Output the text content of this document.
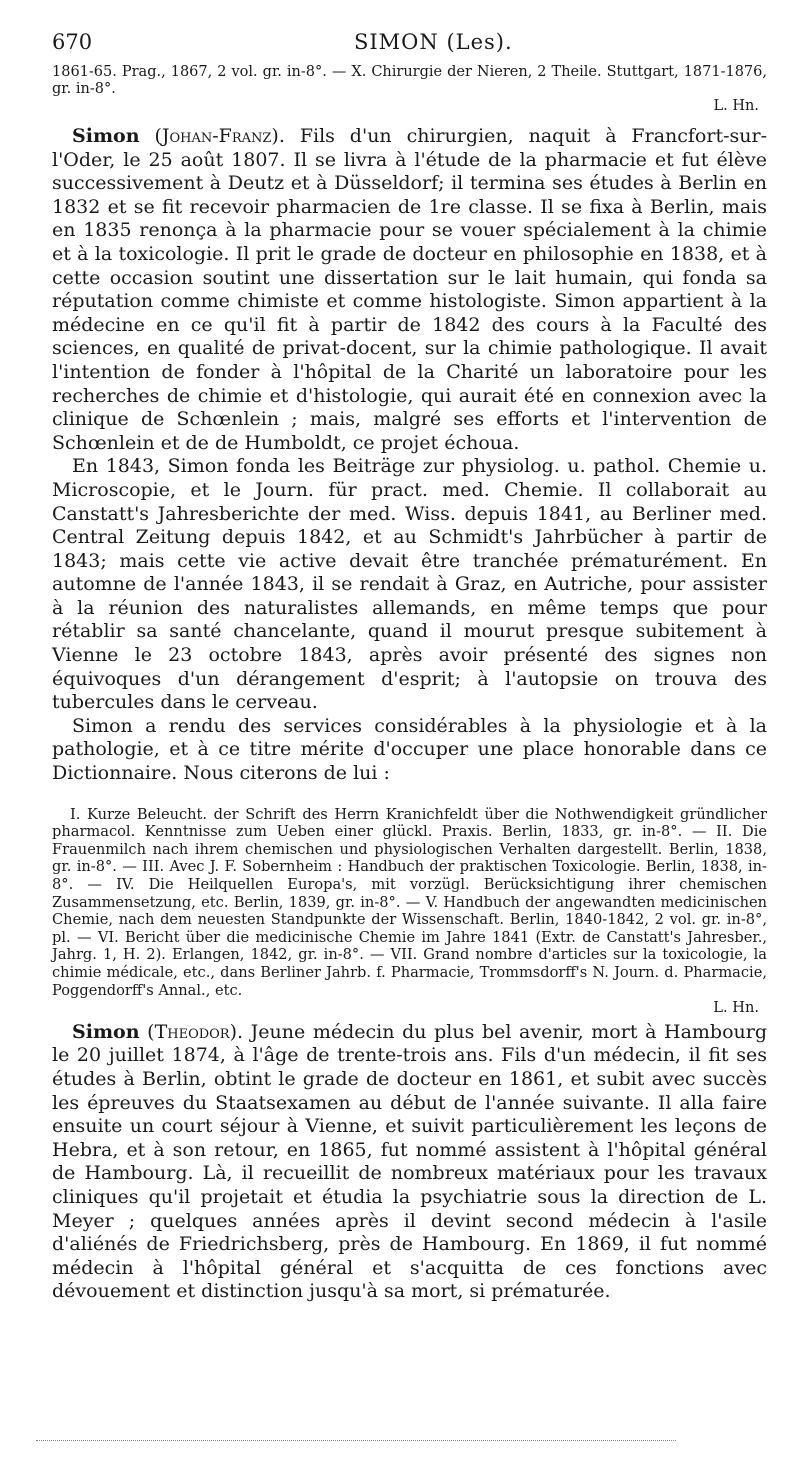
670	SIMON (Les).

1861-65. Prag., 1867, 2 vol. gr. in-8°. — X. Chirurgie der Nieren, 2 Theile. Stuttgart, 1871-1876, gr. in-8°.

L. Hn.

Simon (Johan-Franz). Fils d'un chirurgien, naquit à Francfort-sur-l'Oder, le 25 août 1807. Il se livra à l'étude de la pharmacie et fut élève successivement à Deutz et à Düsseldorf; il termina ses études à Berlin en 1832 et se fit recevoir pharmacien de 1re classe. Il se fixa à Berlin, mais en 1835 renonça à la pharmacie pour se vouer spécialement à la chimie et à la toxicologie. Il prit le grade de docteur en philosophie en 1838, et à cette occasion soutint une dissertation sur le lait humain, qui fonda sa réputation comme chimiste et comme histologiste. Simon appartient à la médecine en ce qu'il fit à partir de 1842 des cours à la Faculté des sciences, en qualité de privat-docent, sur la chimie pathologique. Il avait l'intention de fonder à l'hôpital de la Charité un laboratoire pour les recherches de chimie et d'histologie, qui aurait été en connexion avec la clinique de Schœnlein ; mais, malgré ses efforts et l'intervention de Schœnlein et de de Humboldt, ce projet échoua.

En 1843, Simon fonda les Beiträge zur physiolog. u. pathol. Chemie u. Microscopie, et le Journ. für pract. med. Chemie. Il collaborait au Canstatt's Jahresberichte der med. Wiss. depuis 1841, au Berliner med. Central Zeitung depuis 1842, et au Schmidt's Jahrbücher à partir de 1843; mais cette vie active devait être tranchée prématurément. En automne de l'année 1843, il se rendait à Graz, en Autriche, pour assister à la réunion des naturalistes allemands, en même temps que pour rétablir sa santé chancelante, quand il mourut presque subitement à Vienne le 23 octobre 1843, après avoir présenté des signes non équivoques d'un dérangement d'esprit; à l'autopsie on trouva des tubercules dans le cerveau.

Simon a rendu des services considérables à la physiologie et à la pathologie, et à ce titre mérite d'occuper une place honorable dans ce Dictionnaire. Nous citerons de lui :

I. Kurze Beleucht. der Schrift des Herrn Kranichfeldt über die Nothwendigkeit gründlicher pharmacol. Kenntnisse zum Ueben einer glückl. Praxis. Berlin, 1833, gr. in-8°. — II. Die Frauenmilch nach ihrem chemischen und physiologischen Verhalten dargestellt. Berlin, 1838, gr. in-8°. — III. Avec J. F. Sobernheim : Handbuch der praktischen Toxicologie. Berlin, 1838, in-8°. — IV. Die Heilquellen Europa's, mit vorzügl. Berücksichtigung ihrer chemischen Zusammensetzung, etc. Berlin, 1839, gr. in-8°. — V. Handbuch der angewandten medicinischen Chemie, nach dem neuesten Standpunkte der Wissenschaft. Berlin, 1840-1842, 2 vol. gr. in-8°, pl. — VI. Bericht über die medicinische Chemie im Jahre 1841 (Extr. de Canstatt's Jahresber., Jahrg. 1, H. 2). Erlangen, 1842, gr. in-8°. — VII. Grand nombre d'articles sur la toxicologie, la chimie médicale, etc., dans Berliner Jahrb. f. Pharmacie, Trommsdorff's N. Journ. d. Pharmacie, Poggendorff's Annal., etc.

L. Hn.

Simon (Theodor). Jeune médecin du plus bel avenir, mort à Hambourg le 20 juillet 1874, à l'âge de trente-trois ans. Fils d'un médecin, il fit ses études à Berlin, obtint le grade de docteur en 1861, et subit avec succès les épreuves du Staatsexamen au début de l'année suivante. Il alla faire ensuite un court séjour à Vienne, et suivit particulièrement les leçons de Hebra, et à son retour, en 1865, fut nommé assistent à l'hôpital général de Hambourg. Là, il recueillit de nombreux matériaux pour les travaux cliniques qu'il projetait et étudia la psychiatrie sous la direction de L. Meyer ; quelques années après il devint second médecin à l'asile d'aliénés de Friedrichsberg, près de Hambourg. En 1869, il fut nommé médecin à l'hôpital général et s'acquitta de ces fonctions avec dévouement et distinction jusqu'à sa mort, si prématurée.
